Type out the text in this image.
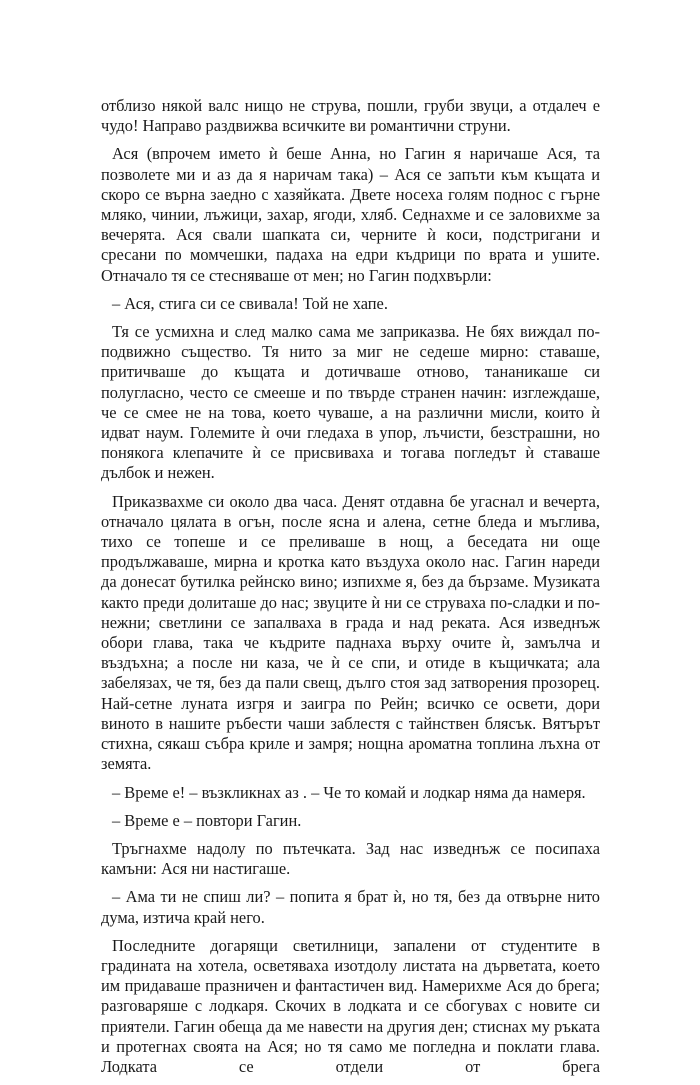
отблизо някой валс нищо не струва, пошли, груби звуци, а отдалеч е чудо! Направо раздвижва всичките ви романтични струни.

Ася (впрочем името ѝ беше Анна, но Гагин я наричаше Ася, та позволете ми и аз да я наричам така) – Ася се запъти към къщата и скоро се върна заедно с хазяйката. Двете носеха голям поднос с гърне мляко, чинии, лъжици, захар, ягоди, хляб. Седнахме и се заловихме за вечерята. Ася свали шапката си, черните ѝ коси, подстригани и сресани по момчешки, падаха на едри къдрици по врата и ушите. Отначало тя се стесняваше от мен; но Гагин подхвърли:

– Ася, стига си се свивала! Той не хапе.

Тя се усмихна и след малко сама ме заприказва. Не бях виждал по-подвижно същество. Тя нито за миг не седеше мирно: ставаше, притичваше до къщата и дотичваше отново, тананикаше си полугласно, често се смееше и по твърде странен начин: изглеждаше, че се смее не на това, което чуваше, а на различни мисли, които ѝ идват наум. Големите ѝ очи гледаха в упор, лъчисти, безстрашни, но понякога клепачите ѝ се присвиваха и тогава погледът ѝ ставаше дълбок и нежен.

Приказвахме си около два часа. Денят отдавна бе угаснал и вечерта, отначало цялата в огън, после ясна и алена, сетне бледа и мъглива, тихо се топеше и се преливаше в нощ, а беседата ни още продължаваше, мирна и кротка като въздуха около нас. Гагин нареди да донесат бутилка рейнско вино; изпихме я, без да бързаме. Музиката както преди долиташе до нас; звуците ѝ ни се струваха по-сладки и по-нежни; светлини се запалваха в града и над реката. Ася изведнъж обори глава, така че къдрите паднаха върху очите ѝ, замълча и въздъхна; а после ни каза, че ѝ се спи, и отиде в къщичката; ала забелязах, че тя, без да пали свещ, дълго стоя зад затворения прозорец. Най-сетне луната изгря и заигра по Рейн; всичко се освети, дори виното в нашите ръбести чаши заблестя с тайнствен блясък. Вятърът стихна, сякаш събра криле и замря; нощна ароматна топлина лъхна от земята.

– Време е! – възкликнах аз . – Че то комай и лодкар няма да намеря.

– Време е – повтори Гагин.

Тръгнахме надолу по пътечката. Зад нас изведнъж се посипаха камъни: Ася ни настигаше.

– Ама ти не спиш ли? – попита я брат ѝ, но тя, без да отвърне нито дума, изтича край него.

Последните догарящи светилници, запалени от студентите в градината на хотела, осветяваха изотдолу листата на дърветата, което им придаваше празничен и фантастичен вид. Намерихме Ася до брега; разговаряше с лодкаря. Скочих в лодката и се сбогувах с новите си приятели. Гагин обеща да ме навести на другия ден; стиснах му ръката и протегнах своята на Ася; но тя само ме погледна и поклати глава. Лодката се отдели от брега
